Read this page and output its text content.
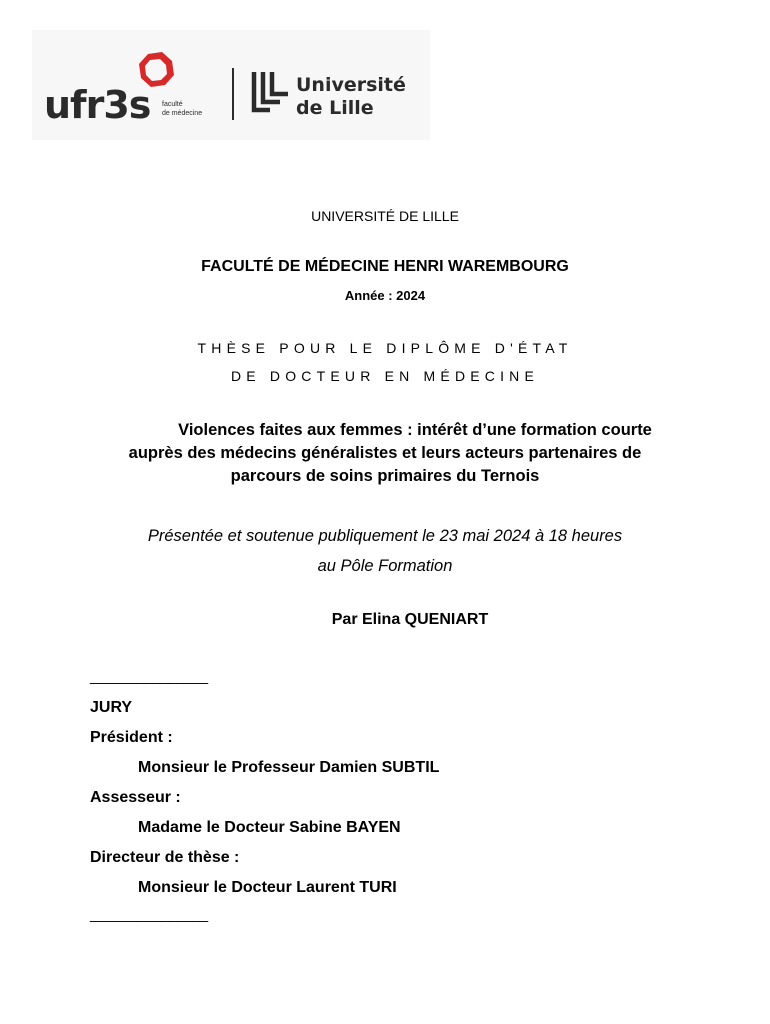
ufr3s faculté
de médecine
Université
de Lille
UNIVERSITÉ DE LILLE
FACULTÉ DE MÉDECINE HENRI WAREMBOURG
Année : 2024
THÈSE POUR LE DIPLÔME D'ÉTAT
DE DOCTEUR EN MÉDECINE
Violences faites aux femmes : intérêt d’une formation courte
auprès des médecins généralistes et leurs acteurs partenaires de
parcours de soins primaires du Ternois
Présentée et soutenue publiquement le 23 mai 2024 à 18 heures
au Pôle Formation
Par Elina QUENIART
_______________
JURY
Président :
Monsieur le Professeur Damien SUBTIL
Assesseur :
Madame le Docteur Sabine BAYEN
Directeur de thèse :
Monsieur le Docteur Laurent TURI
_______________
